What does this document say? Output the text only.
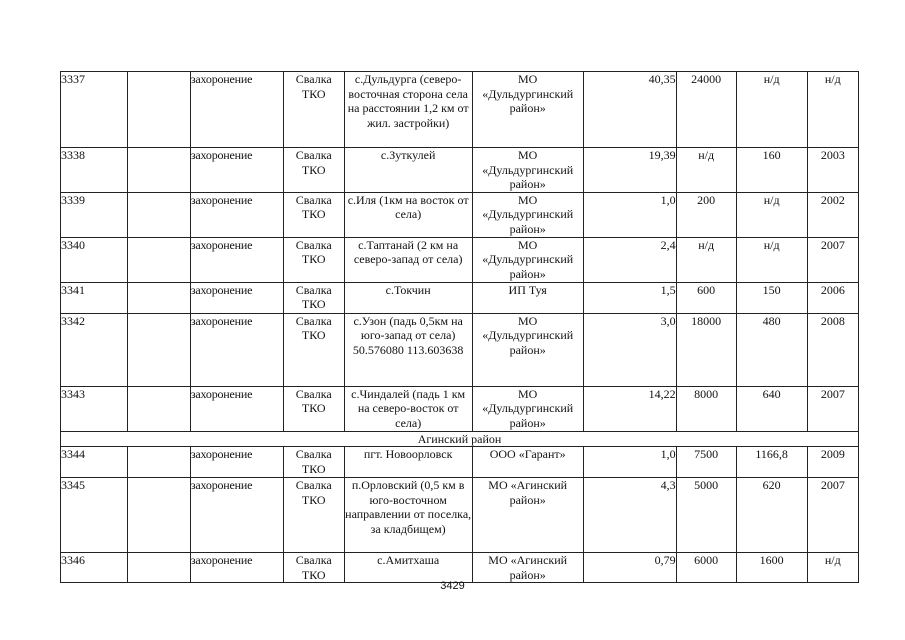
3337		захоронение	Свалка ТКО	с.Дульдурга (северо-восточная сторона села на расстоянии 1,2 км от жил. застройки)	МО «Дульдургинский район»	40,35	24000	н/д	н/д
3338		захоронение	Свалка ТКО	с.Зуткулей	МО «Дульдургинский район»	19,39	н/д	160	2003
3339		захоронение	Свалка ТКО	с.Иля (1км на восток от села)	МО «Дульдургинский район»	1,0	200	н/д	2002
3340		захоронение	Свалка ТКО	с.Таптанай (2 км на северо-запад от села)	МО «Дульдургинский район»	2,4	н/д	н/д	2007
3341		захоронение	Свалка ТКО	с.Токчин	ИП Туя	1,5	600	150	2006
3342		захоронение	Свалка ТКО	с.Узон (падь 0,5км на юго-запад от села) 50.576080 113.603638	МО «Дульдургинский район»	3,0	18000	480	2008
3343		захоронение	Свалка ТКО	с.Чиндалей (падь 1 км на северо-восток от села)	МО «Дульдургинский район»	14,22	8000	640	2007
Агинский район									
3344		захоронение	Свалка ТКО	пгт. Новоорловск	ООО «Гарант»	1,0	7500	1166,8	2009
3345		захоронение	Свалка ТКО	п.Орловский (0,5 км в юго-восточном направлении от поселка, за кладбищем)	МО «Агинский район»	4,3	5000	620	2007
3346		захоронение	Свалка ТКО	с.Амитхаша	МО «Агинский район»	0,79	6000	1600	н/д
3429
